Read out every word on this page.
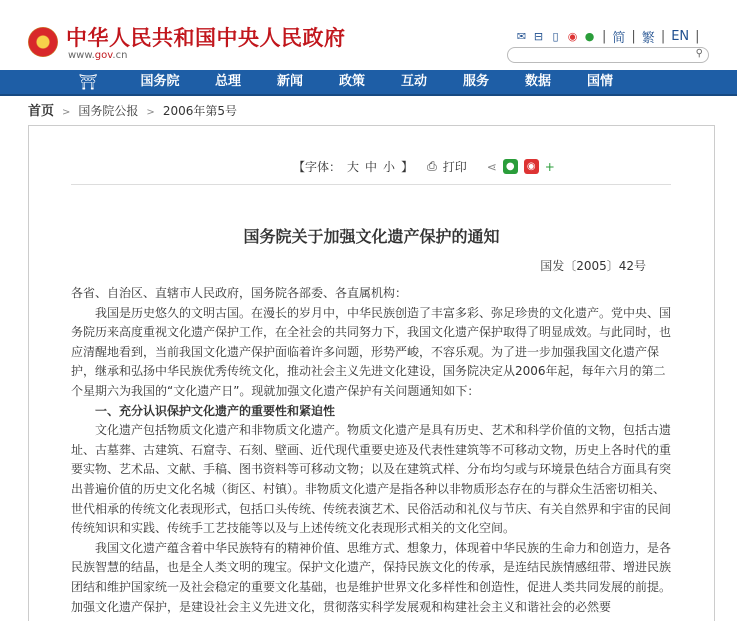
中华人民共和国中央人民政府
www.gov.cn
✉ ⊟ ▯ ◉ ● | 简 | 繁 | EN |
⚲
⛩	国务院	总理	新闻	政策	互动	服务	数据	国情
首页 > 国务院公报 > 2006年第5号
【字体： 大 中 小 】 ⎙ 打印 ⋖ ●	◉ +
国务院关于加强文化遗产保护的通知
国发〔2005〕42号

各省、自治区、直辖市人民政府，国务院各部委、各直属机构：

我国是历史悠久的文明古国。在漫长的岁月中，中华民族创造了丰富多彩、弥足珍贵的文化遗产。党中央、国务院历来高度重视文化遗产保护工作，在全社会的共同努力下，我国文化遗产保护取得了明显成效。与此同时，也应清醒地看到，当前我国文化遗产保护面临着许多问题，形势严峻，不容乐观。为了进一步加强我国文化遗产保护，继承和弘扬中华民族优秀传统文化，推动社会主义先进文化建设，国务院决定从2006年起，每年六月的第二个星期六为我国的“文化遗产日”。现就加强文化遗产保护有关问题通知如下：

一、充分认识保护文化遗产的重要性和紧迫性

文化遗产包括物质文化遗产和非物质文化遗产。物质文化遗产是具有历史、艺术和科学价值的文物，包括古遗址、古墓葬、古建筑、石窟寺、石刻、壁画、近代现代重要史迹及代表性建筑等不可移动文物，历史上各时代的重要实物、艺术品、文献、手稿、图书资料等可移动文物；以及在建筑式样、分布均匀或与环境景色结合方面具有突出普遍价值的历史文化名城（街区、村镇）。非物质文化遗产是指各种以非物质形态存在的与群众生活密切相关、世代相承的传统文化表现形式，包括口头传统、传统表演艺术、民俗活动和礼仪与节庆、有关自然界和宇宙的民间传统知识和实践、传统手工艺技能等以及与上述传统文化表现形式相关的文化空间。

我国文化遗产蕴含着中华民族特有的精神价值、思维方式、想象力，体现着中华民族的生命力和创造力，是各民族智慧的结晶，也是全人类文明的瑰宝。保护文化遗产，保持民族文化的传承，是连结民族情感纽带、增进民族团结和维护国家统一及社会稳定的重要文化基础，也是维护世界文化多样性和创造性，促进人类共同发展的前提。加强文化遗产保护，是建设社会主义先进文化，贯彻落实科学发展观和构建社会主义和谐社会的必然要
